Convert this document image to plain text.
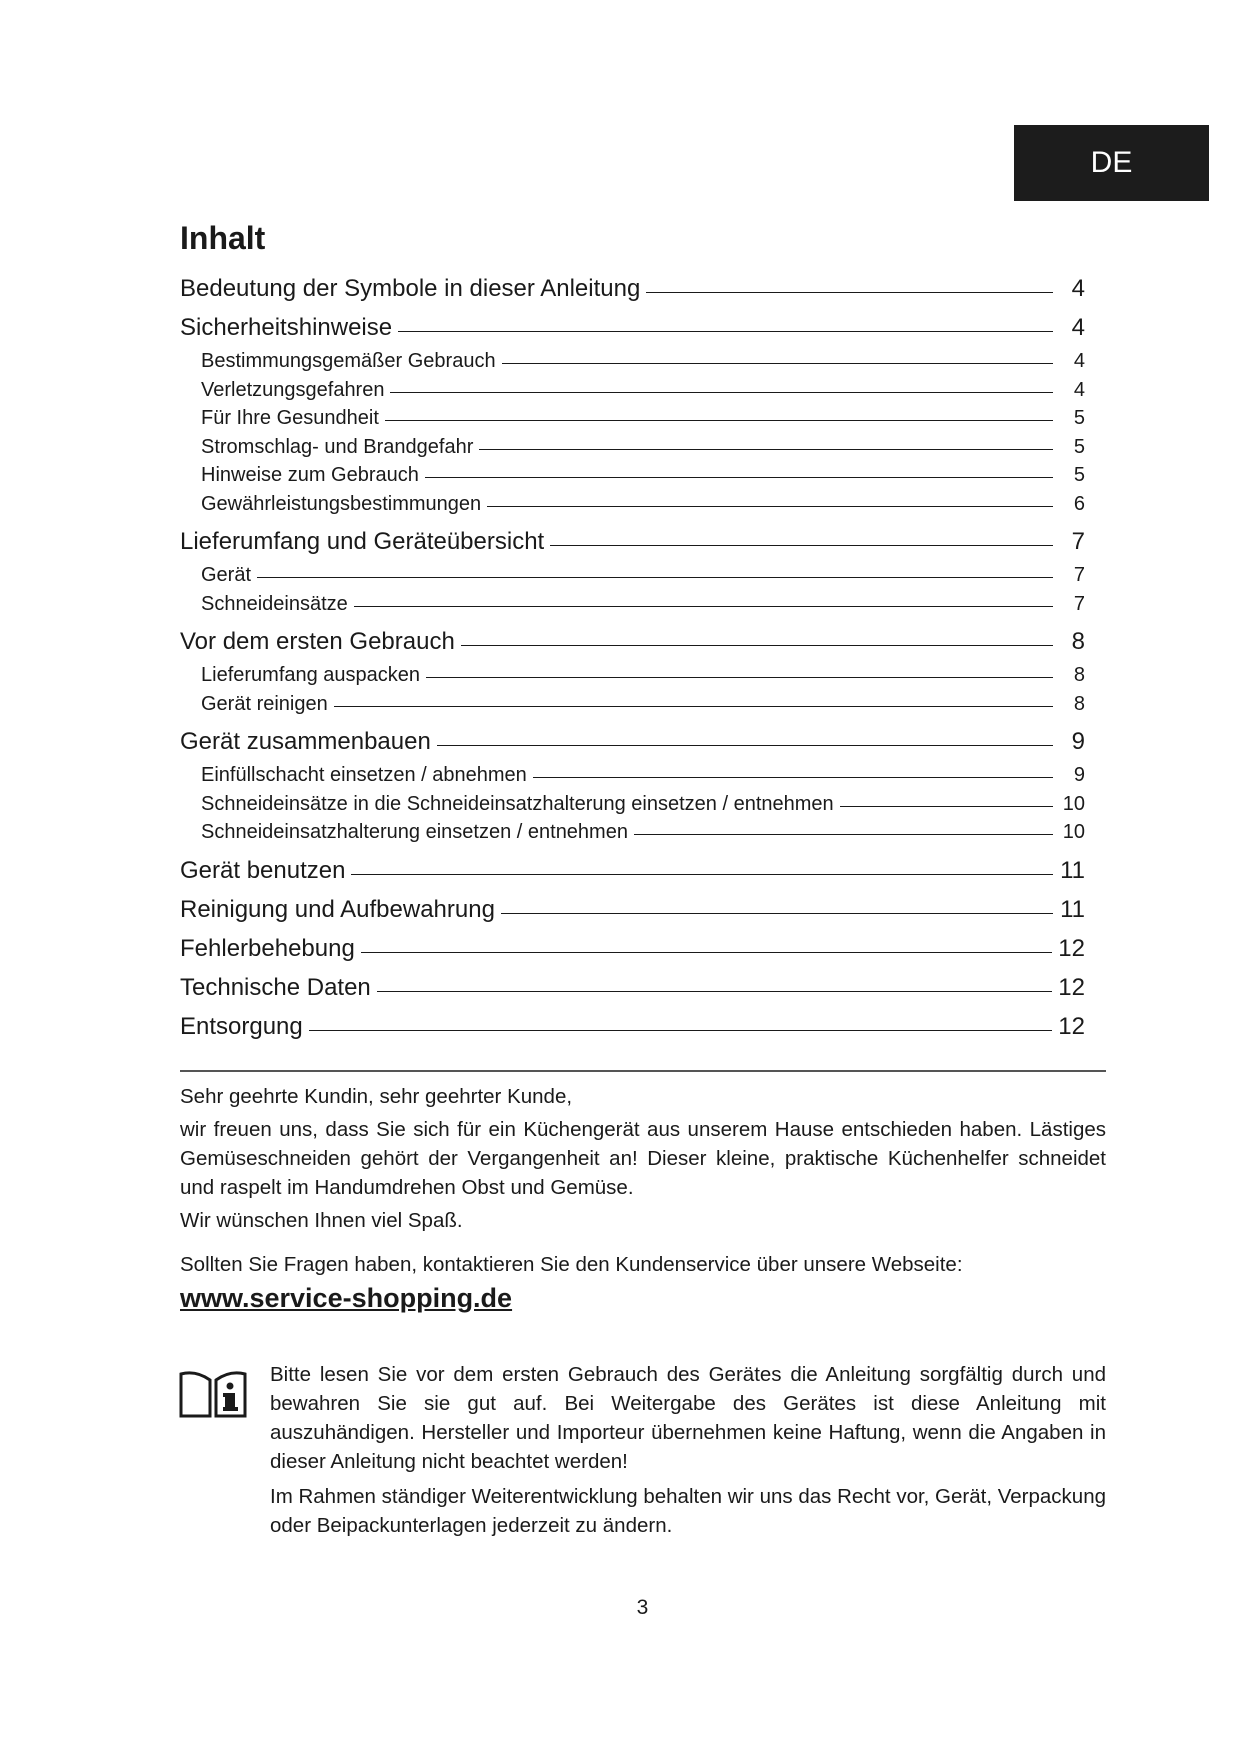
DE
Inhalt
Bedeutung der Symbole in dieser Anleitung	4
Sicherheitshinweise	4
Bestimmungsgemäßer Gebrauch	4
Verletzungsgefahren	4
Für Ihre Gesundheit	5
Stromschlag- und Brandgefahr	5
Hinweise zum Gebrauch	5
Gewährleistungsbestimmungen	6
Lieferumfang und Geräteübersicht	7
Gerät	7
Schneideinsätze	7
Vor dem ersten Gebrauch	8
Lieferumfang auspacken	8
Gerät reinigen	8
Gerät zusammenbauen	9
Einfüllschacht einsetzen / abnehmen	9
Schneideinsätze in die Schneideinsatzhalterung einsetzen / entnehmen	10
Schneideinsatzhalterung einsetzen / entnehmen	10
Gerät benutzen	11
Reinigung und Aufbewahrung	11
Fehlerbehebung	12
Technische Daten	12
Entsorgung	12

Sehr geehrte Kundin, sehr geehrter Kunde,

wir freuen uns, dass Sie sich für ein Küchengerät aus unserem Hause entschieden haben. Lästiges Gemüseschneiden gehört der Vergangenheit an! Dieser kleine, praktische Küchenhelfer schneidet und raspelt im Handumdrehen Obst und Gemüse.

Wir wünschen Ihnen viel Spaß.

Sollten Sie Fragen haben, kontaktieren Sie den Kundenservice über unsere Webseite:

www.service-shopping.de

Bitte lesen Sie vor dem ersten Gebrauch des Gerätes die Anleitung sorgfältig durch und bewahren Sie sie gut auf. Bei Weitergabe des Gerätes ist diese Anleitung mit auszuhändigen. Hersteller und Importeur übernehmen keine Haftung, wenn die Angaben in dieser Anleitung nicht beachtet werden!

Im Rahmen ständiger Weiterentwicklung behalten wir uns das Recht vor, Gerät, Verpackung oder Beipackunterlagen jederzeit zu ändern.

3
